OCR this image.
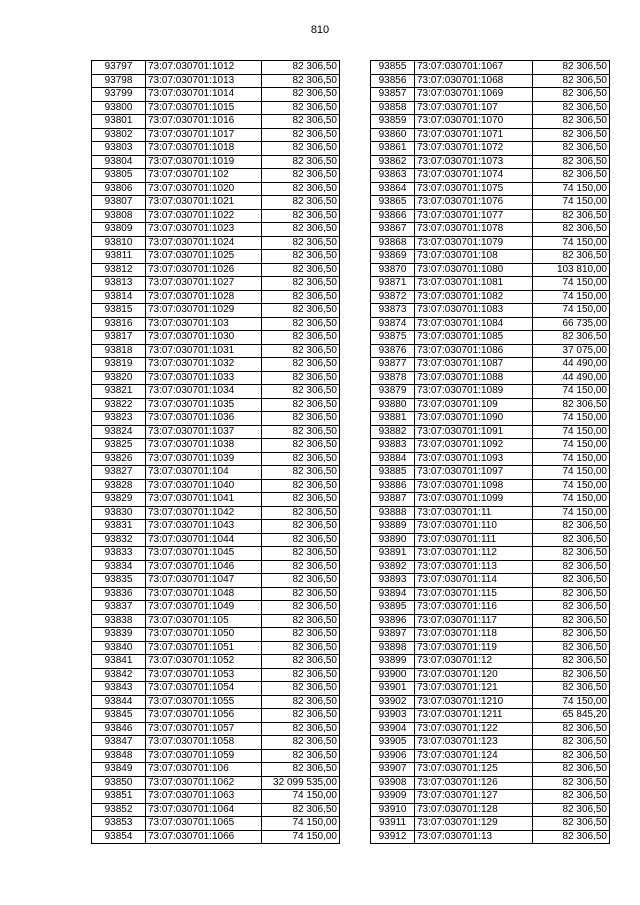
810
93797	73:07:030701:1012	82 306,50
93798	73:07:030701:1013	82 306,50
93799	73:07:030701:1014	82 306,50
93800	73:07:030701:1015	82 306,50
93801	73:07:030701:1016	82 306,50
93802	73:07:030701:1017	82 306,50
93803	73:07:030701:1018	82 306,50
93804	73:07:030701:1019	82 306,50
93805	73:07:030701:102	82 306,50
93806	73:07:030701:1020	82 306,50
93807	73:07:030701:1021	82 306,50
93808	73:07:030701:1022	82 306,50
93809	73:07:030701:1023	82 306,50
93810	73:07:030701:1024	82 306,50
93811	73:07:030701:1025	82 306,50
93812	73:07:030701:1026	82 306,50
93813	73:07:030701:1027	82 306,50
93814	73:07:030701:1028	82 306,50
93815	73:07:030701:1029	82 306,50
93816	73:07:030701:103	82 306,50
93817	73:07:030701:1030	82 306,50
93818	73:07:030701:1031	82 306,50
93819	73:07:030701:1032	82 306,50
93820	73:07:030701:1033	82 306,50
93821	73:07:030701:1034	82 306,50
93822	73:07:030701:1035	82 306,50
93823	73:07:030701:1036	82 306,50
93824	73:07:030701:1037	82 306,50
93825	73:07:030701:1038	82 306,50
93826	73:07:030701:1039	82 306,50
93827	73:07:030701:104	82 306,50
93828	73:07:030701:1040	82 306,50
93829	73:07:030701:1041	82 306,50
93830	73:07:030701:1042	82 306,50
93831	73:07:030701:1043	82 306,50
93832	73:07:030701:1044	82 306,50
93833	73:07:030701:1045	82 306,50
93834	73:07:030701:1046	82 306,50
93835	73:07:030701:1047	82 306,50
93836	73:07:030701:1048	82 306,50
93837	73:07:030701:1049	82 306,50
93838	73:07:030701:105	82 306,50
93839	73:07:030701:1050	82 306,50
93840	73:07:030701:1051	82 306,50
93841	73:07:030701:1052	82 306,50
93842	73:07:030701:1053	82 306,50
93843	73:07:030701:1054	82 306,50
93844	73:07:030701:1055	82 306,50
93845	73:07:030701:1056	82 306,50
93846	73:07:030701:1057	82 306,50
93847	73:07:030701:1058	82 306,50
93848	73:07:030701:1059	82 306,50
93849	73:07:030701:106	82 306,50
93850	73:07:030701:1062	32 099 535,00
93851	73:07:030701:1063	74 150,00
93852	73:07:030701:1064	82 306,50
93853	73:07:030701:1065	74 150,00
93854	73:07:030701:1066	74 150,00
93855	73:07:030701:1067	82 306,50
93856	73:07:030701:1068	82 306,50
93857	73:07:030701:1069	82 306,50
93858	73:07:030701:107	82 306,50
93859	73:07:030701:1070	82 306,50
93860	73:07:030701:1071	82 306,50
93861	73:07:030701:1072	82 306,50
93862	73:07:030701:1073	82 306,50
93863	73:07:030701:1074	82 306,50
93864	73:07:030701:1075	74 150,00
93865	73:07:030701:1076	74 150,00
93866	73:07:030701:1077	82 306,50
93867	73:07:030701:1078	82 306,50
93868	73:07:030701:1079	74 150,00
93869	73:07:030701:108	82 306,50
93870	73:07:030701:1080	103 810,00
93871	73:07:030701:1081	74 150,00
93872	73:07:030701:1082	74 150,00
93873	73:07:030701:1083	74 150,00
93874	73:07:030701:1084	66 735,00
93875	73:07:030701:1085	82 306,50
93876	73:07:030701:1086	37 075,00
93877	73:07:030701:1087	44 490,00
93878	73:07:030701:1088	44 490,00
93879	73:07:030701:1089	74 150,00
93880	73:07:030701:109	82 306,50
93881	73:07:030701:1090	74 150,00
93882	73:07:030701:1091	74 150,00
93883	73:07:030701:1092	74 150,00
93884	73:07:030701:1093	74 150,00
93885	73:07:030701:1097	74 150,00
93886	73:07:030701:1098	74 150,00
93887	73:07:030701:1099	74 150,00
93888	73:07:030701:11	74 150,00
93889	73:07:030701:110	82 306,50
93890	73:07:030701:111	82 306,50
93891	73:07:030701:112	82 306,50
93892	73:07:030701:113	82 306,50
93893	73:07:030701:114	82 306,50
93894	73:07:030701:115	82 306,50
93895	73:07:030701:116	82 306,50
93896	73:07:030701:117	82 306,50
93897	73:07:030701:118	82 306,50
93898	73:07:030701:119	82 306,50
93899	73:07:030701:12	82 306,50
93900	73:07:030701:120	82 306,50
93901	73:07:030701:121	82 306,50
93902	73:07:030701:1210	74 150,00
93903	73:07:030701:1211	65 845,20
93904	73:07:030701:122	82 306,50
93905	73:07:030701:123	82 306,50
93906	73:07:030701:124	82 306,50
93907	73:07:030701:125	82 306,50
93908	73:07:030701:126	82 306,50
93909	73:07:030701:127	82 306,50
93910	73:07:030701:128	82 306,50
93911	73:07:030701:129	82 306,50
93912	73:07:030701:13	82 306,50
